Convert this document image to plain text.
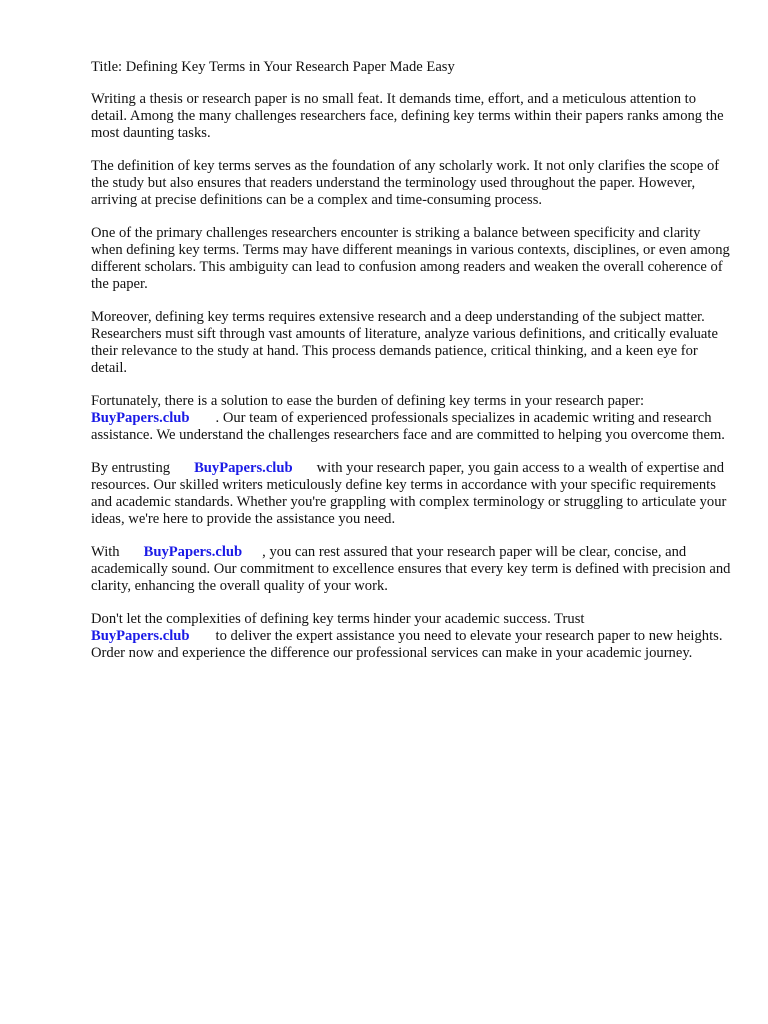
Title: Defining Key Terms in Your Research Paper Made Easy

Writing a thesis or research paper is no small feat. It demands time, effort, and a meticulous attention to detail. Among the many challenges researchers face, defining key terms within their papers ranks among the most daunting tasks.

The definition of key terms serves as the foundation of any scholarly work. It not only clarifies the scope of the study but also ensures that readers understand the terminology used throughout the paper. However, arriving at precise definitions can be a complex and time-consuming process.

One of the primary challenges researchers encounter is striking a balance between specificity and clarity when defining key terms. Terms may have different meanings in various contexts, disciplines, or even among different scholars. This ambiguity can lead to confusion among readers and weaken the overall coherence of the paper.

Moreover, defining key terms requires extensive research and a deep understanding of the subject matter. Researchers must sift through vast amounts of literature, analyze various definitions, and critically evaluate their relevance to the study at hand. This process demands patience, critical thinking, and a keen eye for detail.

Fortunately, there is a solution to ease the burden of defining key terms in your research paper:
BuyPapers.club . Our team of experienced professionals specializes in academic writing and research assistance. We understand the challenges researchers face and are committed to helping you overcome them.

By entrusting BuyPapers.club with your research paper, you gain access to a wealth of expertise and resources. Our skilled writers meticulously define key terms in accordance with your specific requirements and academic standards. Whether you're grappling with complex terminology or struggling to articulate your ideas, we're here to provide the assistance you need.

With BuyPapers.club , you can rest assured that your research paper will be clear, concise, and academically sound. Our commitment to excellence ensures that every key term is defined with precision and clarity, enhancing the overall quality of your work.

Don't let the complexities of defining key terms hinder your academic success. Trust
BuyPapers.club to deliver the expert assistance you need to elevate your research paper to new heights. Order now and experience the difference our professional services can make in your academic journey.
